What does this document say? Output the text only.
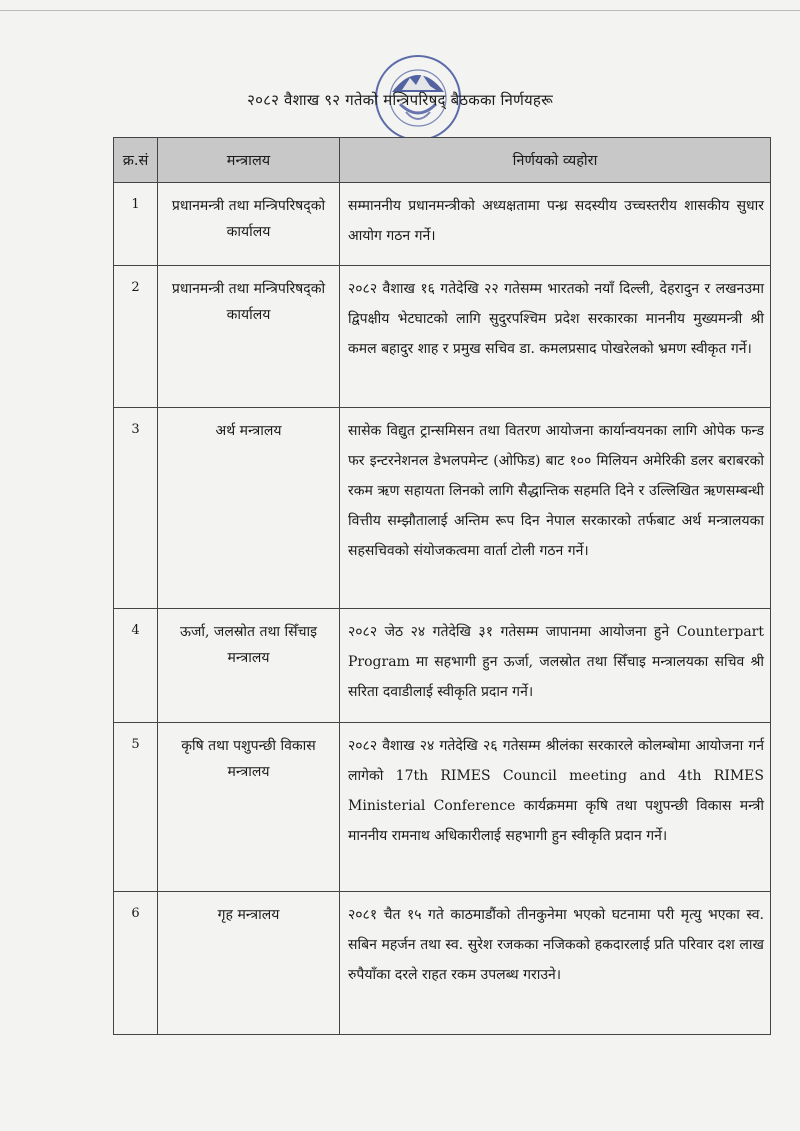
२०८२ वैशाख ९२ गतेको मन्त्रिपरिषद् बैठकका निर्णयहरू
क्र.सं	मन्त्रालय	निर्णयको व्यहोरा
1	प्रधानमन्त्री तथा मन्त्रिपरिषद्को कार्यालय	सम्माननीय प्रधानमन्त्रीको अध्यक्षतामा पन्ध्र सदस्यीय उच्चस्तरीय शासकीय सुधार आयोग गठन गर्ने।
2	प्रधानमन्त्री तथा मन्त्रिपरिषद्को कार्यालय	२०८२ वैशाख १६ गतेदेखि २२ गतेसम्म भारतको नयाँ दिल्ली, देहरादुन र लखनउमा द्विपक्षीय भेटघाटको लागि सुदुरपश्चिम प्रदेश सरकारका माननीय मुख्यमन्त्री श्री कमल बहादुर शाह र प्रमुख सचिव डा. कमलप्रसाद पोखरेलको भ्रमण स्वीकृत गर्ने।
3	अर्थ मन्त्रालय	सासेक विद्युत ट्रान्समिसन तथा वितरण आयोजना कार्यान्वयनका लागि ओपेक फन्ड फर इन्टरनेशनल डेभलपमेन्ट (ओफिड) बाट १०० मिलियन अमेरिकी डलर बराबरको रकम ऋण सहायता लिनको लागि सैद्धान्तिक सहमति दिने र उल्लिखित ऋणसम्बन्धी वित्तीय सम्झौतालाई अन्तिम रूप दिन नेपाल सरकारको तर्फबाट अर्थ मन्त्रालयका सहसचिवको संयोजकत्वमा वार्ता टोली गठन गर्ने।
4	ऊर्जा, जलस्रोत तथा सिँचाइ मन्त्रालय	२०८२ जेठ २४ गतेदेखि ३१ गतेसम्म जापानमा आयोजना हुने Counterpart Program मा सहभागी हुन ऊर्जा, जलस्रोत तथा सिँचाइ मन्त्रालयका सचिव श्री सरिता दवाडीलाई स्वीकृति प्रदान गर्ने।
5	कृषि तथा पशुपन्छी विकास मन्त्रालय	२०८२ वैशाख २४ गतेदेखि २६ गतेसम्म श्रीलंका सरकारले कोलम्बोमा आयोजना गर्न लागेको 17th RIMES Council meeting and 4th RIMES Ministerial Conference कार्यक्रममा कृषि तथा पशुपन्छी विकास मन्त्री माननीय रामनाथ अधिकारीलाई सहभागी हुन स्वीकृति प्रदान गर्ने।
6	गृह मन्त्रालय	२०८१ चैत १५ गते काठमाडौंको तीनकुनेमा भएको घटनामा परी मृत्यु भएका स्व. सबिन महर्जन तथा स्व. सुरेश रजकका नजिकको हकदारलाई प्रति परिवार दश लाख रुपैयाँका दरले राहत रकम उपलब्ध गराउने।
